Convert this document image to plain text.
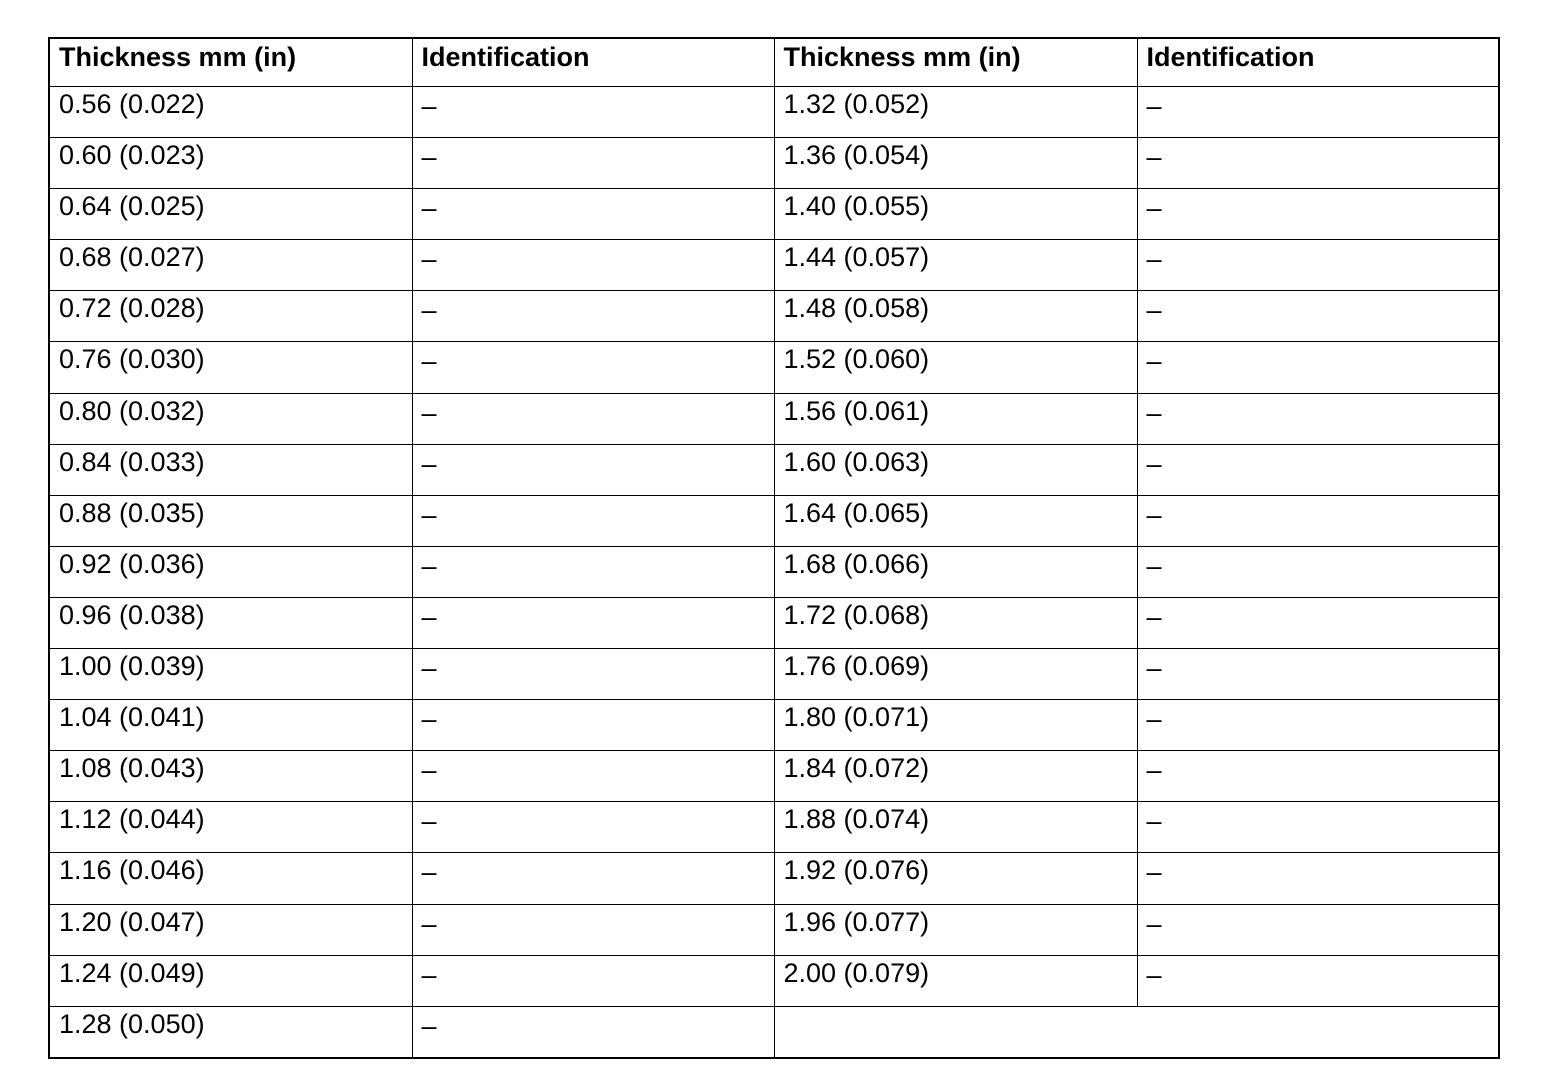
Thickness mm (in)	Identification	Thickness mm (in)	Identification
0.56 (0.022)	–	1.32 (0.052)	–
0.60 (0.023)	–	1.36 (0.054)	–
0.64 (0.025)	–	1.40 (0.055)	–
0.68 (0.027)	–	1.44 (0.057)	–
0.72 (0.028)	–	1.48 (0.058)	–
0.76 (0.030)	–	1.52 (0.060)	–
0.80 (0.032)	–	1.56 (0.061)	–
0.84 (0.033)	–	1.60 (0.063)	–
0.88 (0.035)	–	1.64 (0.065)	–
0.92 (0.036)	–	1.68 (0.066)	–
0.96 (0.038)	–	1.72 (0.068)	–
1.00 (0.039)	–	1.76 (0.069)	–
1.04 (0.041)	–	1.80 (0.071)	–
1.08 (0.043)	–	1.84 (0.072)	–
1.12 (0.044)	–	1.88 (0.074)	–
1.16 (0.046)	–	1.92 (0.076)	–
1.20 (0.047)	–	1.96 (0.077)	–
1.24 (0.049)	–	2.00 (0.079)	–
1.28 (0.050)	–		
